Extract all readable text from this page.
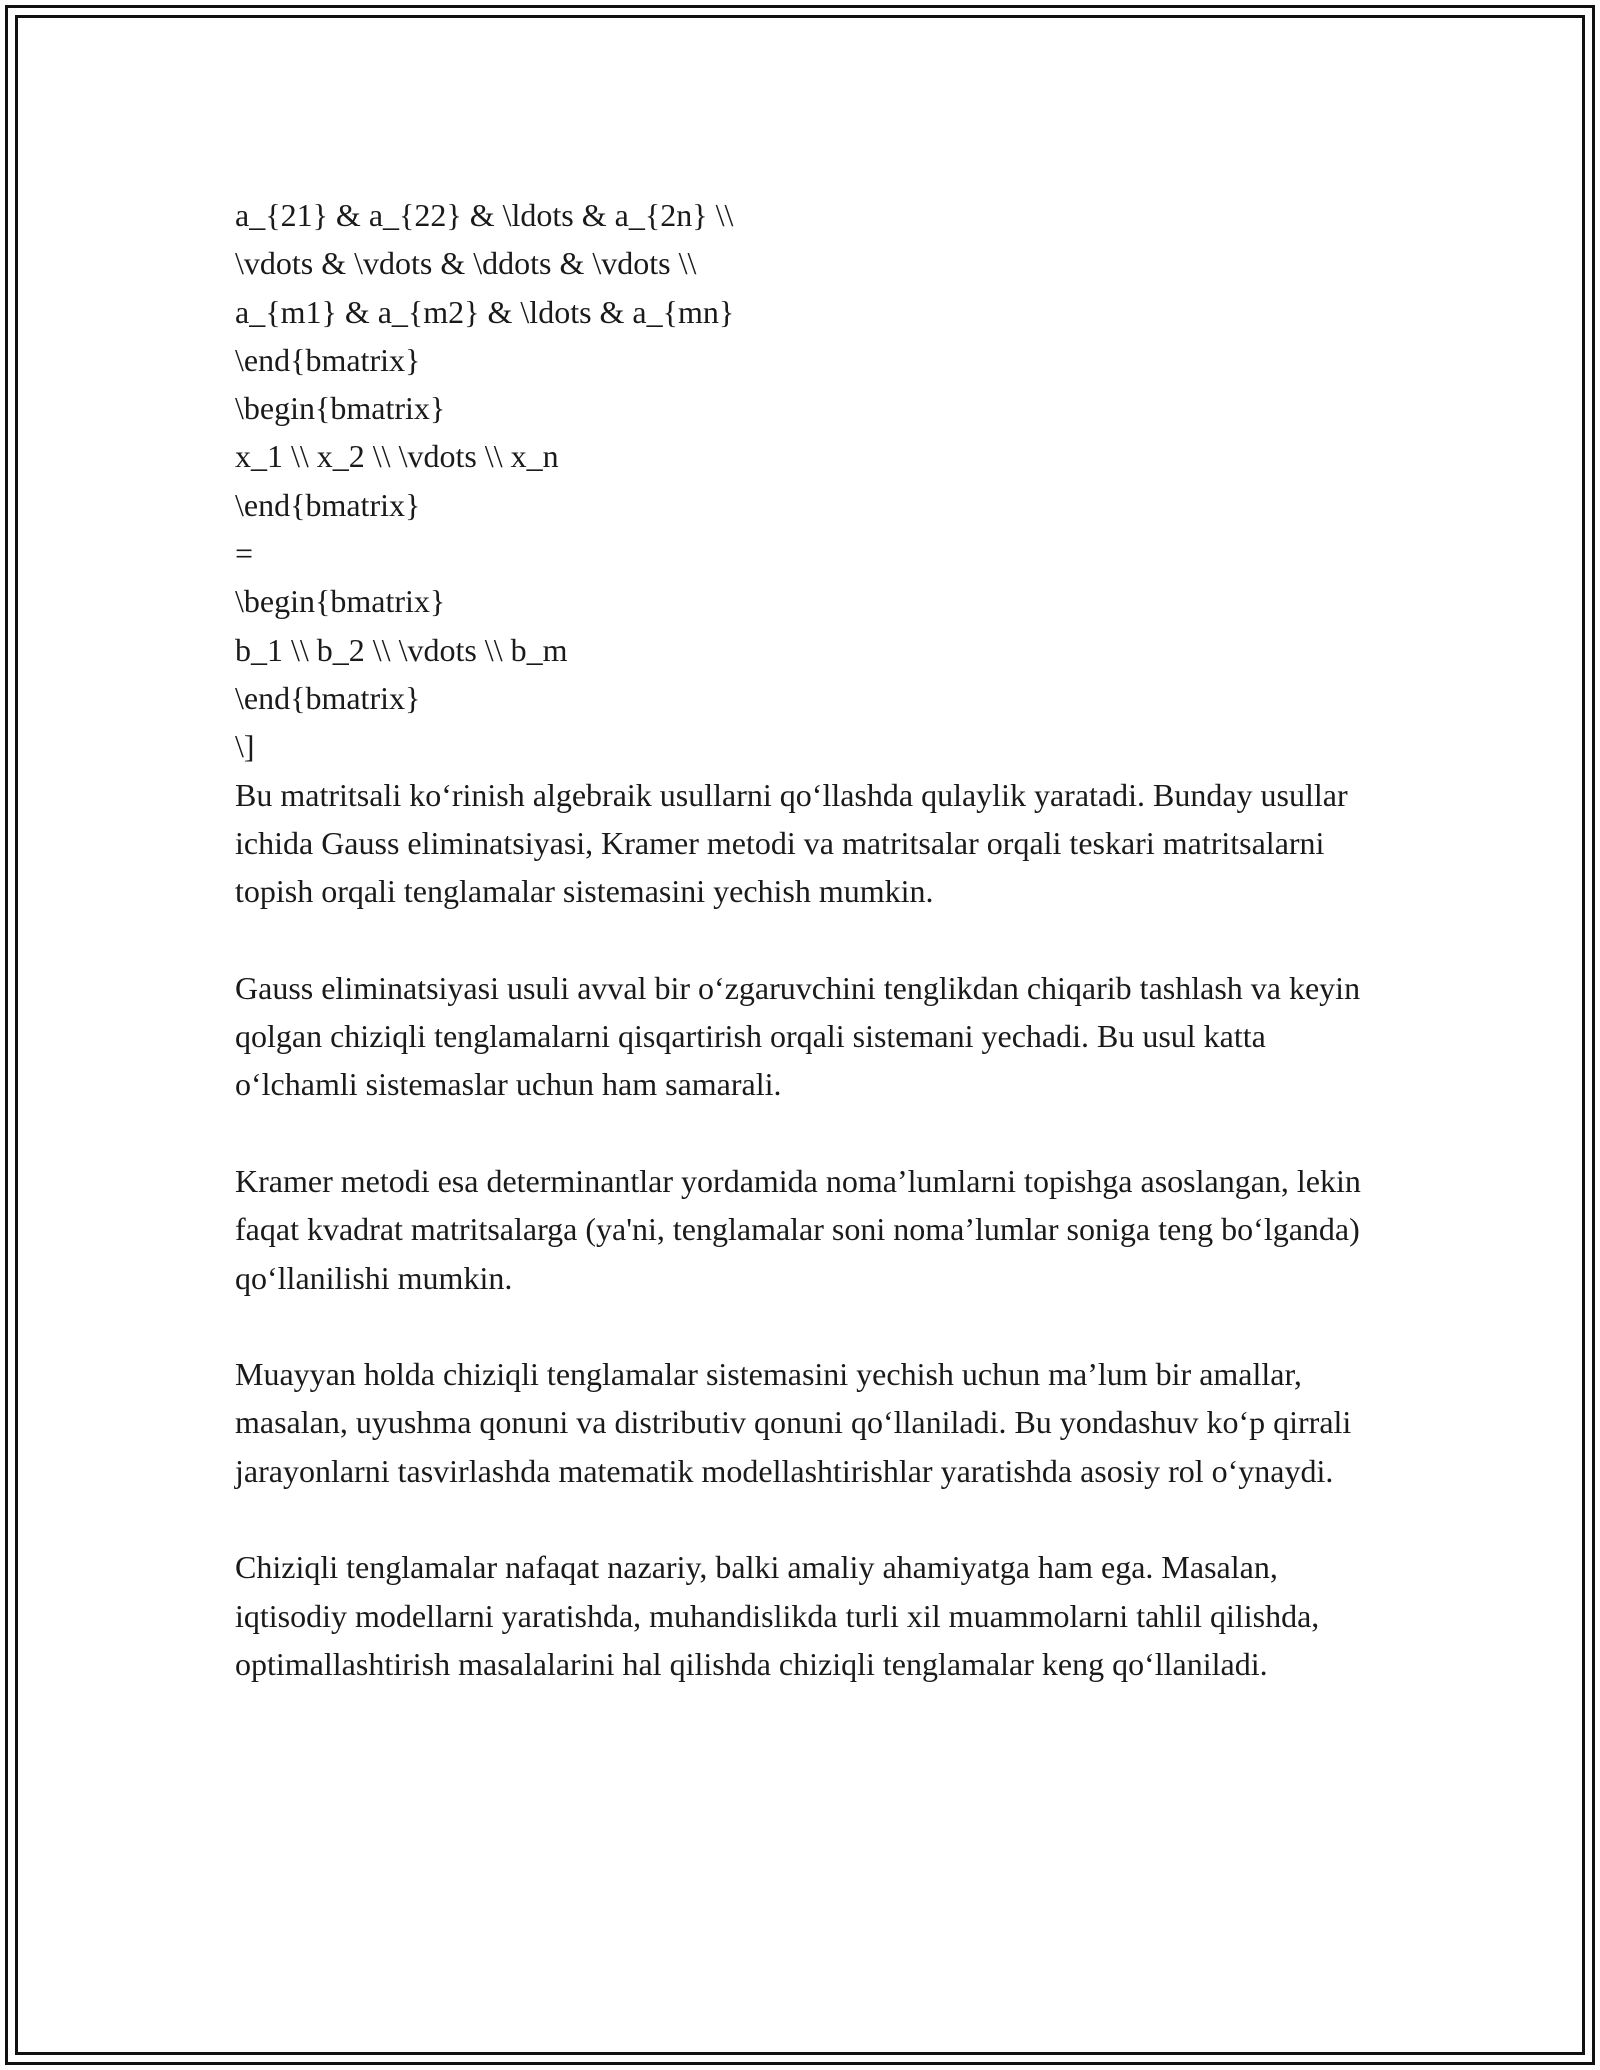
a_{21} & a_{22} & \ldots & a_{2n} \\
\vdots & \vdots & \ddots & \vdots \\
a_{m1} & a_{m2} & \ldots & a_{mn}
\end{bmatrix}
\begin{bmatrix}
x_1 \\ x_2 \\ \vdots \\ x_n
\end{bmatrix}
=
\begin{bmatrix}
b_1 \\ b_2 \\ \vdots \\ b_m
\end{bmatrix}
\]

Bu matritsali ko‘rinish algebraik usullarni qo‘llashda qulaylik yaratadi. Bunday usullar ichida Gauss eliminatsiyasi, Kramer metodi va matritsalar orqali teskari matritsalarni topish orqali tenglamalar sistemasini yechish mumkin.

Gauss eliminatsiyasi usuli avval bir o‘zgaruvchini tenglikdan chiqarib tashlash va keyin qolgan chiziqli tenglamalarni qisqartirish orqali sistemani yechadi. Bu usul katta o‘lchamli sistemaslar uchun ham samarali.

Kramer metodi esa determinantlar yordamida noma’lumlarni topishga asoslangan, lekin faqat kvadrat matritsalarga (ya'ni, tenglamalar soni noma’lumlar soniga teng bo‘lganda) qo‘llanilishi mumkin.

Muayyan holda chiziqli tenglamalar sistemasini yechish uchun ma’lum bir amallar, masalan, uyushma qonuni va distributiv qonuni qo‘llaniladi. Bu yondashuv ko‘p qirrali jarayonlarni tasvirlashda matematik modellashtirishlar yaratishda asosiy rol o‘ynaydi.

Chiziqli tenglamalar nafaqat nazariy, balki amaliy ahamiyatga ham ega. Masalan, iqtisodiy modellarni yaratishda, muhandislikda turli xil muammolarni tahlil qilishda, optimallashtirish masalalarini hal qilishda chiziqli tenglamalar keng qo‘llaniladi.
